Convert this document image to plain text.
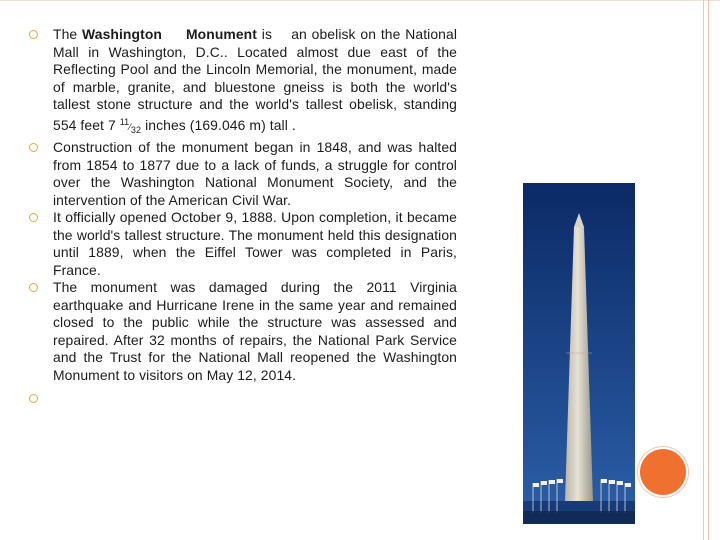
The Washington     Monument is    an obelisk on the National Mall in Washington, D.C.. Located almost due east of the Reflecting Pool and the Lincoln Memorial, the monument, made of marble, granite, and bluestone gneiss is both the world's tallest stone structure and the world's tallest obelisk, standing 554 feet 7 11⁄32 inches (169.046 m) tall .
Construction of the monument began in 1848, and was halted from 1854 to 1877 due to a lack of funds, a struggle for control over the Washington National Monument Society, and the intervention of the American Civil War.
It officially opened October 9, 1888. Upon completion, it became the world's tallest structure. The monument held this designation until 1889, when the Eiffel Tower was completed in Paris, France.
The monument was damaged during the 2011 Virginia earthquake and Hurricane Irene in the same year and remained closed to the public while the structure was assessed and repaired. After 32 months of repairs, the National Park Service and the Trust for the National Mall reopened the Washington Monument to visitors on May 12, 2014.
